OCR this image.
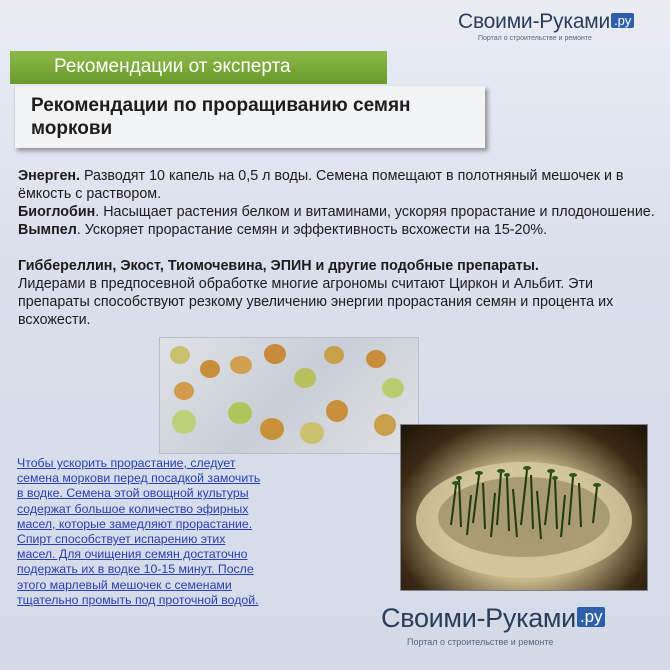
Своими-Руками .ру
Портал о строительстве и ремонте
Рекомендации от эксперта
Рекомендации по проращиванию семян моркови

Энерген. Разводят 10 капель на 0,5 л воды. Семена помещают в полотняный мешочек и в ёмкость с раствором.

Биоглобин. Насыщает растения белком и витаминами, ускоряя прорастание и плодоношение.

Вымпел. Ускоряет прорастание семян и эффективность всхожести на 15-20%.

Гиббереллин, Экост, Тиомочевина, ЭПИН и другие подобные препараты.

Лидерами в предпосевной обработке многие агрономы считают Циркон и Альбит. Эти препараты способствуют резкому увеличению энергии прорастания семян и процента их всхожести.

Чтобы ускорить прорастание, следует семена моркови перед посадкой замочить в водке. Семена этой овощной культуры содержат большое количество эфирных масел, которые замедляют прорастание. Спирт способствует испарению этих масел. Для очищения семян достаточно подержать их в водке 10-15 минут. После этого марлевый мешочек с семенами тщательно промыть под проточной водой.
Своими-Руками .ру
Портал о строительстве и ремонте
